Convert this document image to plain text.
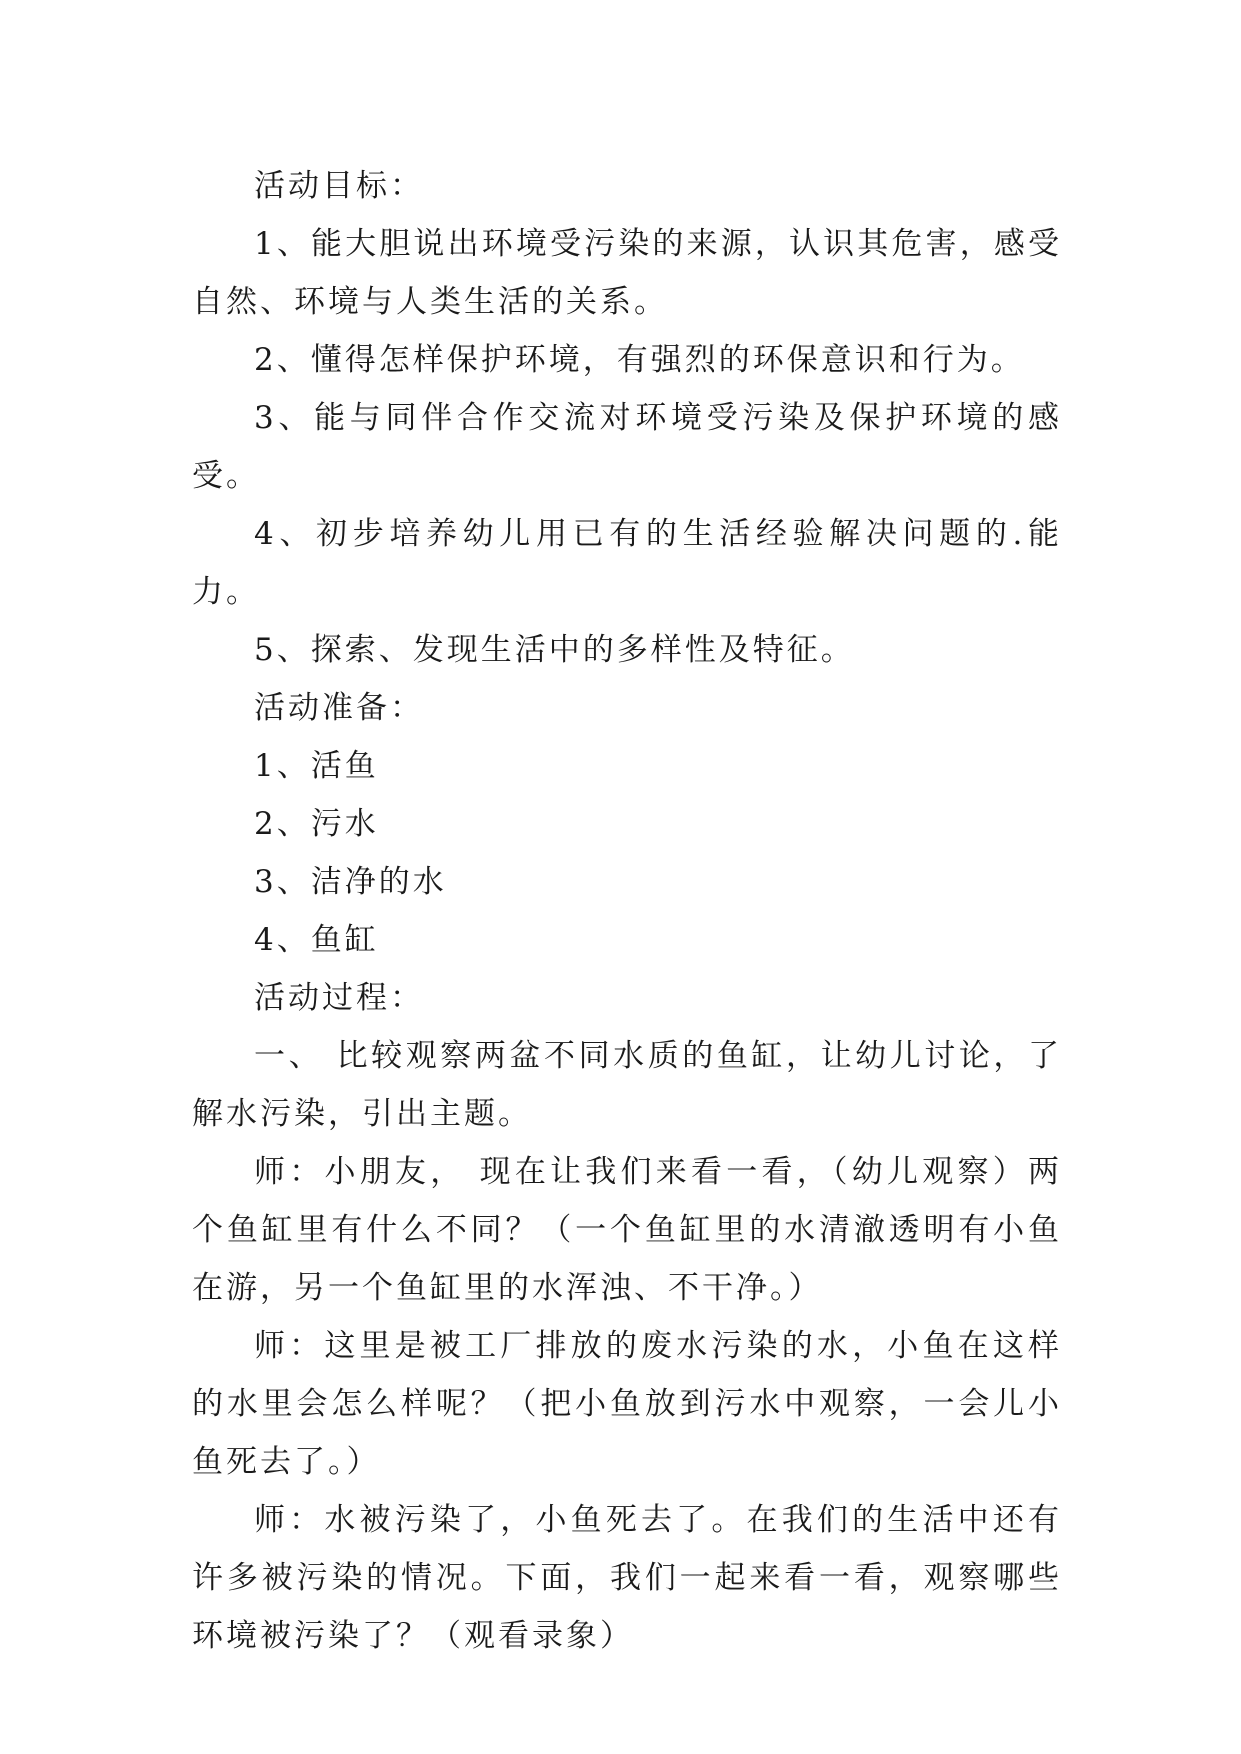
活动目标：

1、能大胆说出环境受污染的来源，认识其危害，感受自然、环境与人类生活的关系。

2、懂得怎样保护环境，有强烈的环保意识和行为。

3、能与同伴合作交流对环境受污染及保护环境的感受。

4、初步培养幼儿用已有的生活经验解决问题的.能力。

5、探索、发现生活中的多样性及特征。

活动准备：

1、活鱼

2、污水

3、洁净的水

4、鱼缸

活动过程：

一、 比较观察两盆不同水质的鱼缸，让幼儿讨论，了解水污染，引出主题。

师：小朋友， 现在让我们来看一看，（幼儿观察）两个鱼缸里有什么不同？（一个鱼缸里的水清澈透明有小鱼在游，另一个鱼缸里的水浑浊、不干净。）

师：这里是被工厂排放的废水污染的水，小鱼在这样的水里会怎么样呢？（把小鱼放到污水中观察，一会儿小鱼死去了。）

师：水被污染了，小鱼死去了。在我们的生活中还有许多被污染的情况。下面，我们一起来看一看，观察哪些环境被污染了？（观看录象）
